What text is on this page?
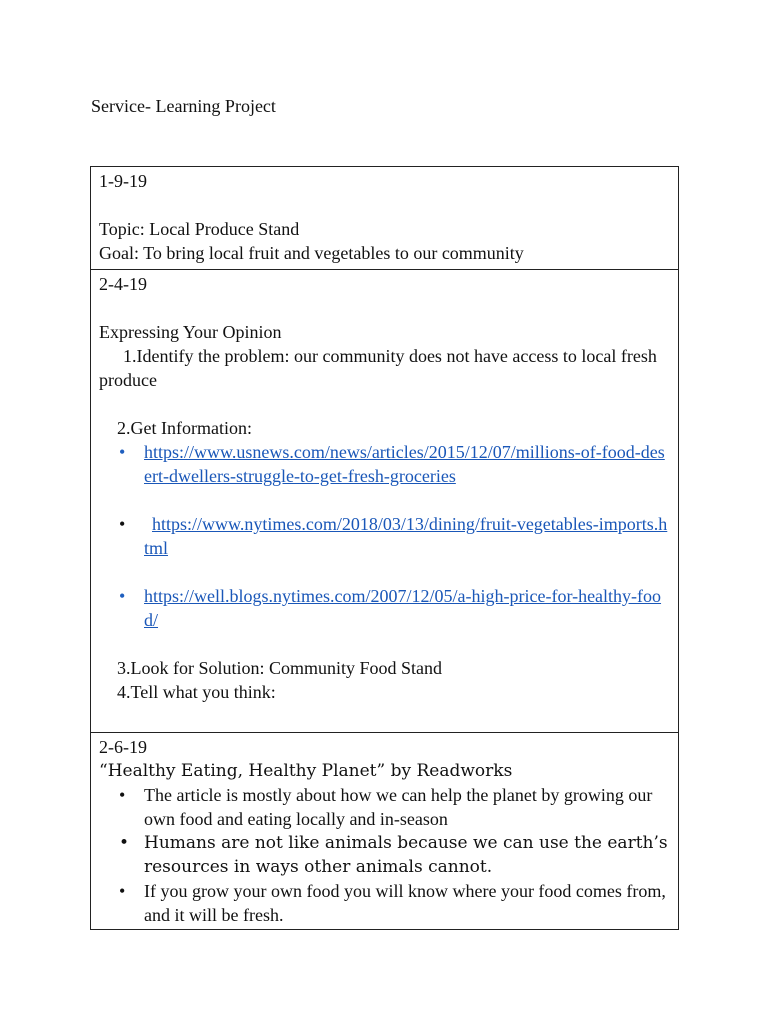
Service- Learning Project
1-9-19
Topic: Local Produce Stand
Goal: To bring local fruit and vegetables to our community
2-4-19
Expressing Your Opinion
1.Identify the problem: our community does not have access to local fresh produce
2.Get Information:
• https://www.usnews.com/news/articles/2015/12/07/millions-of-food-desert-dwellers-struggle-to-get-fresh-groceries
• https://www.nytimes.com/2018/03/13/dining/fruit-vegetables-imports.html
• https://well.blogs.nytimes.com/2007/12/05/a-high-price-for-healthy-food/
3.Look for Solution: Community Food Stand
4.Tell what you think:
2-6-19
“Healthy Eating, Healthy Planet” by Readworks
• The article is mostly about how we can help the planet by growing our own food and eating locally and in-season
• Humans are not like animals because we can use the earth’s resources in ways other animals cannot.
• If you grow your own food you will know where your food comes from, and it will be fresh.
